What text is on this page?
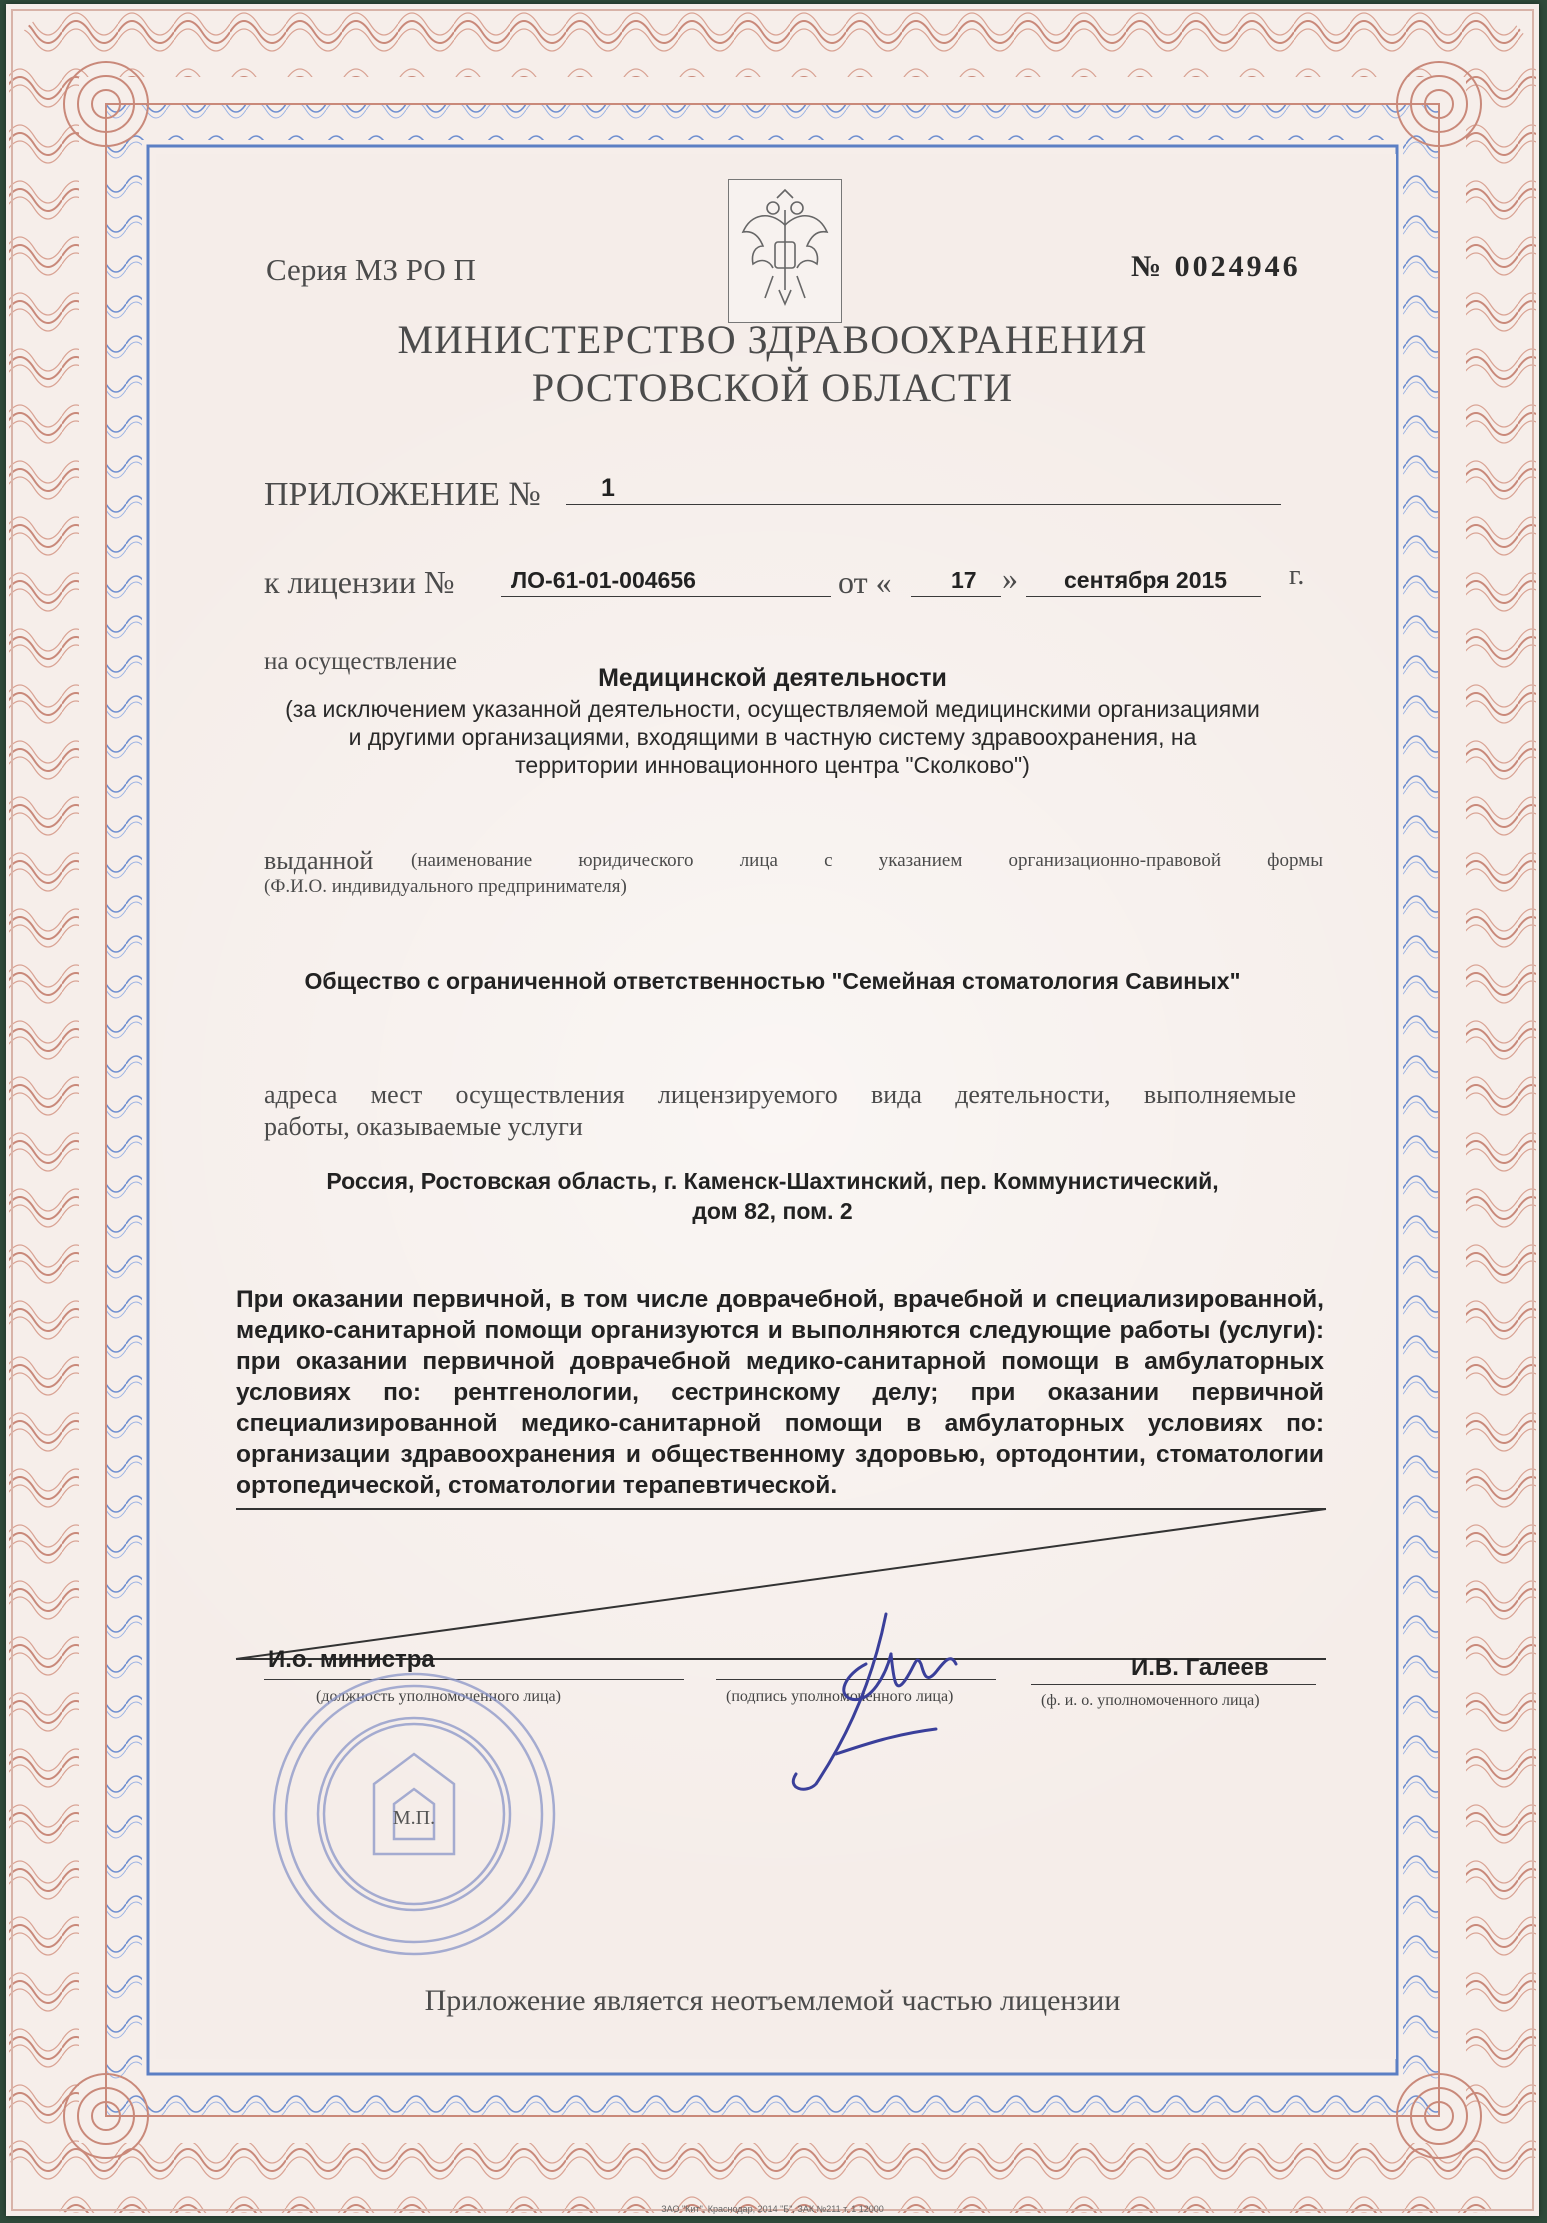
Серия МЗ РО П	№ 0024946
МИНИСТЕРСТВО ЗДРАВООХРАНЕНИЯ
РОСТОВСКОЙ ОБЛАСТИ
ПРИЛОЖЕНИЕ № 1
к лицензии № ЛО-61-01-004656	от «	17 » сентября 2015 г.
на осуществление
Медицинской деятельности
(за исключением указанной деятельности, осуществляемой медицинскими организациями
и другими организациями, входящими в частную систему здравоохранения, на
территории инновационного центра "Сколково")
выданной (наименование юридического лица с указанием организационно-правовой формы
(Ф.И.О. индивидуального предпринимателя)
Общество с ограниченной ответственностью "Семейная стоматология Савиных"
адреса мест осуществления лицензируемого вида деятельности, выполняемые
работы, оказываемые услуги
Россия, Ростовская область, г. Каменск-Шахтинский, пер. Коммунистический,
дом 82, пом. 2
При оказании первичной, в том числе доврачебной, врачебной и специализированной, медико-санитарной помощи организуются и выполняются следующие работы (услуги): при оказании первичной доврачебной медико-санитарной помощи в амбулаторных условиях по: рентгенологии, сестринскому делу; при оказании первичной специализированной медико-санитарной помощи в амбулаторных условиях по: организации здравоохранения и общественному здоровью, ортодонтии, стоматологии ортопедической, стоматологии терапевтической.
И.о. министра
(должность уполномоченного лица)	(подпись уполномоченного лица)
И.В. Галеев
(ф. и. о. уполномоченного лица)
М.П.
Приложение является неотъемлемой частью лицензии
ЗАО "Кит", Краснодар, 2014 "Б", ЗАК №211 т. 1 12000
